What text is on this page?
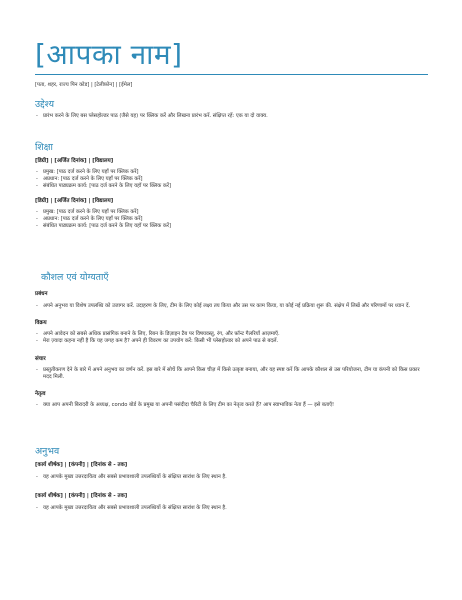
[आपका नाम]
[पता, शहर, राज्य पिन कोड] | [टेलीफ़ोन] | [ईमेल]
उद्देश्य
- प्रारंभ करने के लिए बस प्लेसहोल्डर पाठ (जैसे यह) पर क्लिक करें और लिखना प्रारंभ करें. संक्षिप्त रहें: एक या दो वाक्य.
शिक्षा
[डिग्री] | [अर्जित दिनांक] | [विद्यालय]
- प्रमुख: [पाठ दर्ज करने के लिए यहाँ पर क्लिक करें]
- अप्रधान: [पाठ दर्ज करने के लिए यहाँ पर क्लिक करें]
- संबंधित पाठ्यक्रम कार्य: [पाठ दर्ज करने के लिए यहाँ पर क्लिक करें]
[डिग्री] | [अर्जित दिनांक] | [विद्यालय]
- प्रमुख: [पाठ दर्ज करने के लिए यहाँ पर क्लिक करें]
- अप्रधान: [पाठ दर्ज करने के लिए यहाँ पर क्लिक करें]
- संबंधित पाठ्यक्रम कार्य: [पाठ दर्ज करने के लिए यहाँ पर क्लिक करें]
कौशल एवं योग्यताएँ
प्रबंधन
- अपने अनुभव या विशेष उपलब्धि को उजागर करें. उदाहरण के लिए, टीम के लिए कोई लक्ष्य तय किया और उस पर काम किया, या कोई नई प्रक्रिया शुरू की. संक्षेप में लिखें और परिणामों पर ध्यान दें.
विक्रय
- अपने आवेदन को सबसे अधिक प्रासंगिक बनाने के लिए, रिबन के डिज़ाइन टैब पर विषयवस्तु, रंग, और फ़ॉन्ट गैलरियाँ आज़माएँ.
- मेरा ज़्यादा कहना नहीं है कि यह जगह कम है? अपने ही विवरण का उपयोग करें: किसी भी प्लेसहोल्डर को अपने पाठ से बदलें.
संचार
- प्रस्तुतीकरण देने के बारे में अपने अनुभव का वर्णन करें. इस बारे में सोचें कि आपने किस चीज़ में किसे उत्कृष्ट बनाया, और यह स्पष्ट करें कि आपके कौशल से उस परियोजना, टीम या कंपनी को किस प्रकार मदद मिली.
नेतृत्व
- क्या आप अपनी बिरादरी के अध्यक्ष, condo बोर्ड के प्रमुख या अपनी पसंदीदा चैरिटी के लिए टीम का नेतृत्व करते हैं? आप स्वाभाविक नेता हैं — इसे बताएँ!
अनुभव
[कार्य शीर्षक] | [कंपनी] | [दिनांक से - तक]
- यह आपके मुख्य उत्तरदायित्व और सबसे प्रभावशाली उपलब्धियों के संक्षिप्त सारांश के लिए स्थान है.
[कार्य शीर्षक] | [कंपनी] | [दिनांक से - तक]
- यह आपके मुख्य उत्तरदायित्व और सबसे प्रभावशाली उपलब्धियों के संक्षिप्त सारांश के लिए स्थान है.
